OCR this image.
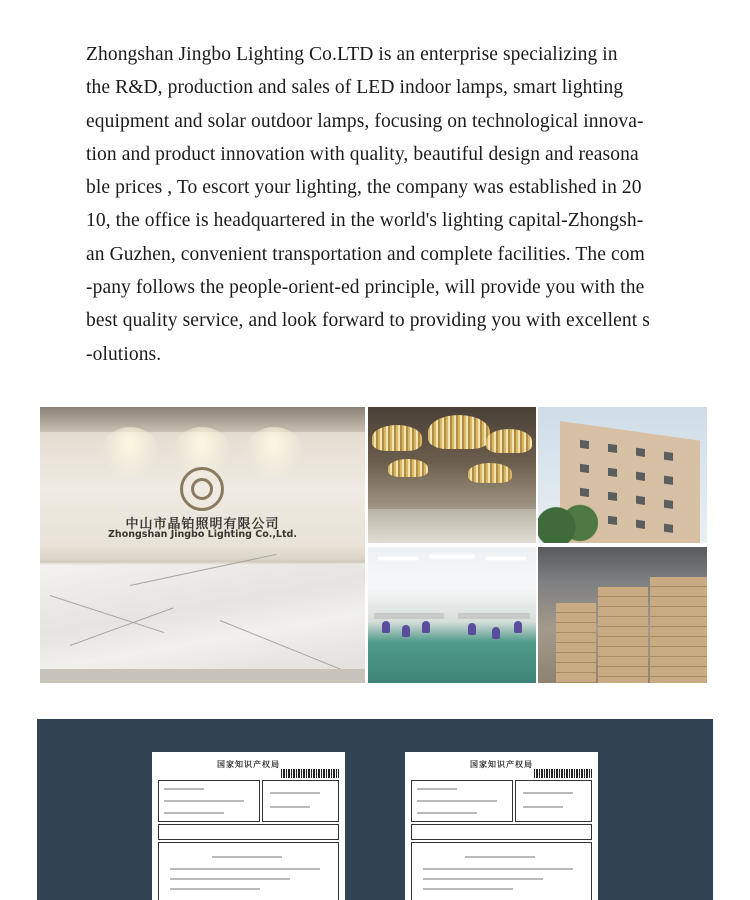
Zhongshan Jingbo Lighting Co.LTD is an enterprise specializing in
the R&D, production and sales of LED indoor lamps, smart lighting
equipment and solar outdoor lamps, focusing on technological innova-
tion and product innovation with quality, beautiful design and reasona
ble prices , To escort your lighting, the company was established in 20
10, the office is headquartered in the world's lighting capital-Zhongsh-
an Guzhen, convenient transportation and complete facilities. The com
-pany follows the people-orient-ed principle, will provide you with the
best quality service, and look forward to providing you with excellent s
-olutions.

中山市晶铂照明有限公司
Zhongshan Jingbo Lighting Co.,Ltd.
国家知识产权局	国家知识产权局
